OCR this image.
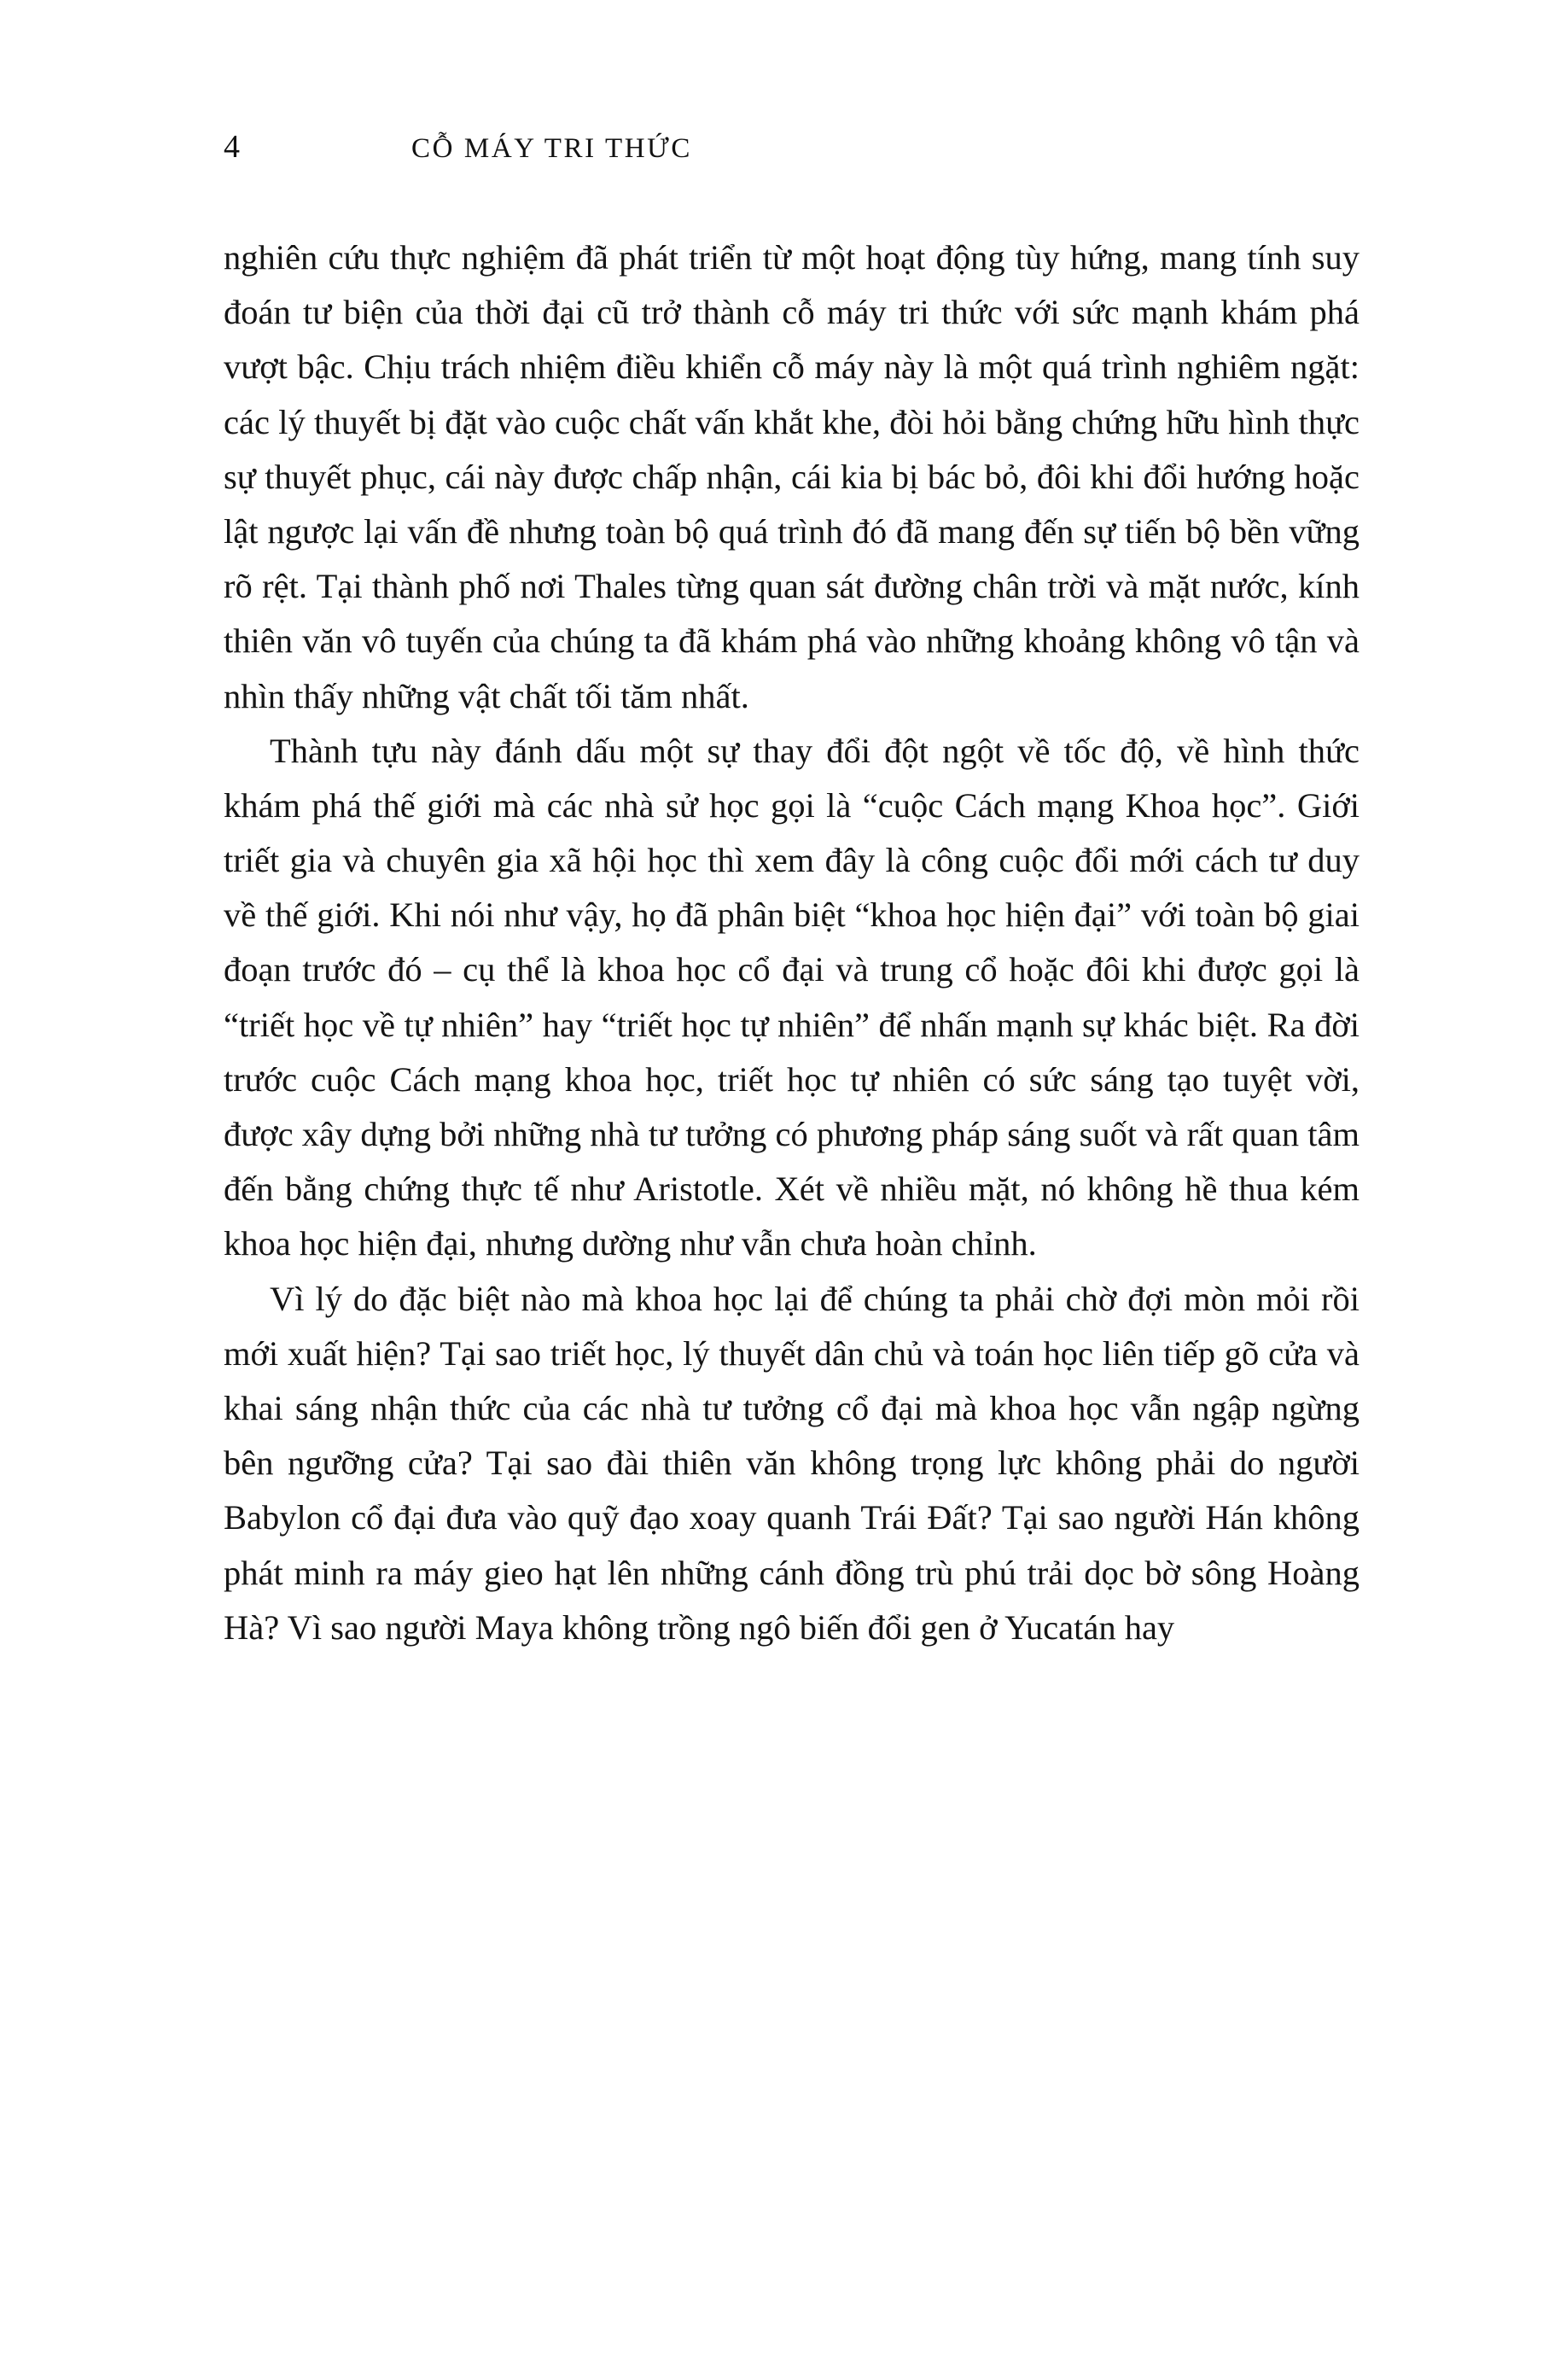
4	CỖ MÁY TRI THỨC

nghiên cứu thực nghiệm đã phát triển từ một hoạt động tùy hứng, mang tính suy đoán tư biện của thời đại cũ trở thành cỗ máy tri thức với sức mạnh khám phá vượt bậc. Chịu trách nhiệm điều khiển cỗ máy này là một quá trình nghiêm ngặt: các lý thuyết bị đặt vào cuộc chất vấn khắt khe, đòi hỏi bằng chứng hữu hình thực sự thuyết phục, cái này được chấp nhận, cái kia bị bác bỏ, đôi khi đổi hướng hoặc lật ngược lại vấn đề nhưng toàn bộ quá trình đó đã mang đến sự tiến bộ bền vững rõ rệt. Tại thành phố nơi Thales từng quan sát đường chân trời và mặt nước, kính thiên văn vô tuyến của chúng ta đã khám phá vào những khoảng không vô tận và nhìn thấy những vật chất tối tăm nhất.

Thành tựu này đánh dấu một sự thay đổi đột ngột về tốc độ, về hình thức khám phá thế giới mà các nhà sử học gọi là “cuộc Cách mạng Khoa học”. Giới triết gia và chuyên gia xã hội học thì xem đây là công cuộc đổi mới cách tư duy về thế giới. Khi nói như vậy, họ đã phân biệt “khoa học hiện đại” với toàn bộ giai đoạn trước đó – cụ thể là khoa học cổ đại và trung cổ hoặc đôi khi được gọi là “triết học về tự nhiên” hay “triết học tự nhiên” để nhấn mạnh sự khác biệt. Ra đời trước cuộc Cách mạng khoa học, triết học tự nhiên có sức sáng tạo tuyệt vời, được xây dựng bởi những nhà tư tưởng có phương pháp sáng suốt và rất quan tâm đến bằng chứng thực tế như Aristotle. Xét về nhiều mặt, nó không hề thua kém khoa học hiện đại, nhưng dường như vẫn chưa hoàn chỉnh.

Vì lý do đặc biệt nào mà khoa học lại để chúng ta phải chờ đợi mòn mỏi rồi mới xuất hiện? Tại sao triết học, lý thuyết dân chủ và toán học liên tiếp gõ cửa và khai sáng nhận thức của các nhà tư tưởng cổ đại mà khoa học vẫn ngập ngừng bên ngưỡng cửa? Tại sao đài thiên văn không trọng lực không phải do người Babylon cổ đại đưa vào quỹ đạo xoay quanh Trái Đất? Tại sao người Hán không phát minh ra máy gieo hạt lên những cánh đồng trù phú trải dọc bờ sông Hoàng Hà? Vì sao người Maya không trồng ngô biến đổi gen ở Yucatán hay
